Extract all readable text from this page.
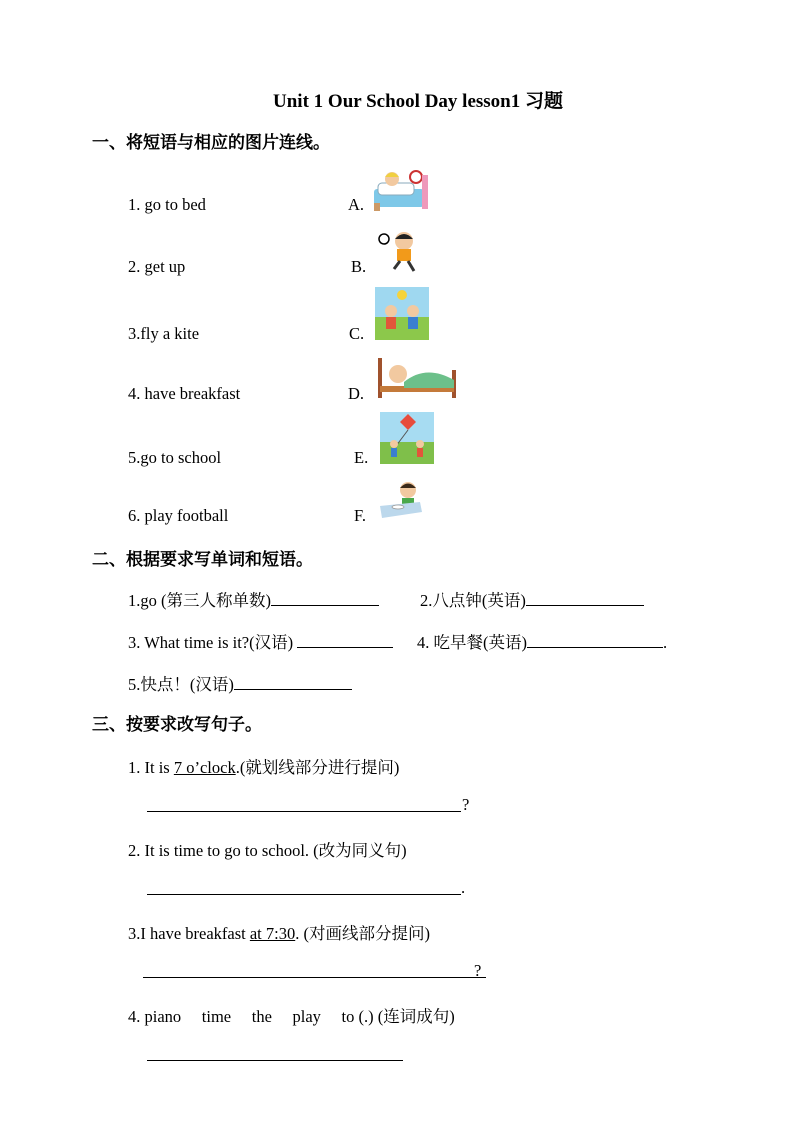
Unit 1 Our School Day lesson1 习题
一、将短语与相应的图片连线。
1. go to bed	A.
2. get up	B.
3.fly a kite	C.
4. have breakfast	D.
5.go to school	E.
6. play football	F.
二、根据要求写单词和短语。
1.go (第三人称单数)	2.八点钟(英语)
3. What time is it?(汉语)	4. 吃早餐(英语)	.
5.快点！(汉语)
三、按要求改写句子。
1. It is 7 o’clock.(就划线部分进行提问)
?
2. It is time to go to school. (改为同义句)
.
3.I have breakfast at 7:30. (对画线部分提问)
?
4. piano     time     the     play     to (.) (连词成句)
